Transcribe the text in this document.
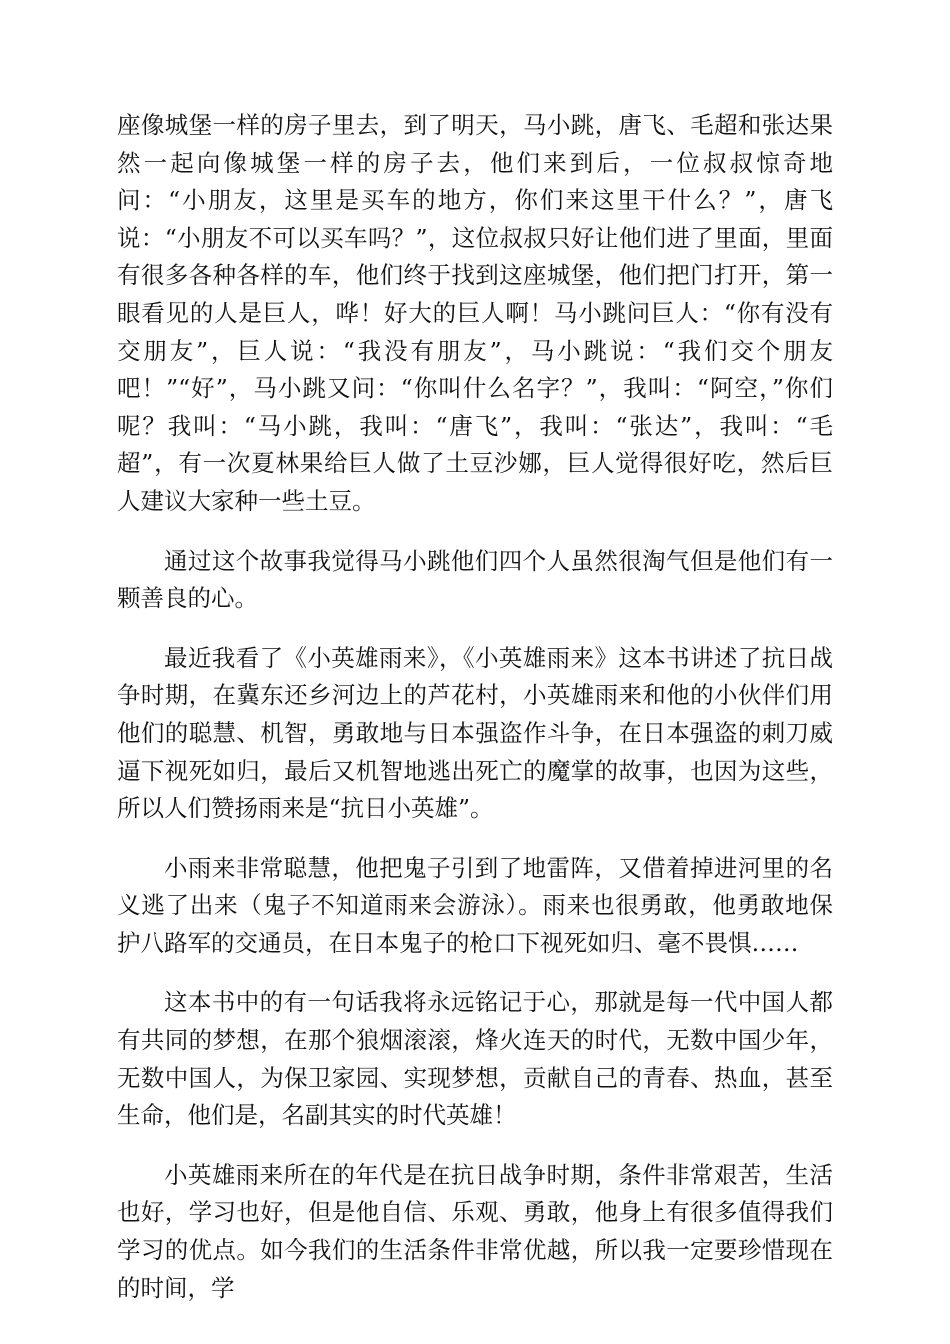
座像城堡一样的房子里去，到了明天，马小跳，唐飞、毛超和张达果然一起向像城堡一样的房子去，他们来到后，一位叔叔惊奇地问：“小朋友，这里是买车的地方，你们来这里干什么？”，唐飞说：“小朋友不可以买车吗？”，这位叔叔只好让他们进了里面，里面有很多各种各样的车，他们终于找到这座城堡，他们把门打开，第一眼看见的人是巨人，哗！好大的巨人啊！马小跳问巨人：“你有没有交朋友”，巨人说：“我没有朋友”，马小跳说：“我们交个朋友吧！”“好”，马小跳又问：“你叫什么名字？”，我叫：“阿空，”你们呢？我叫：“马小跳，我叫：“唐飞”，我叫：“张达”，我叫：“毛超”，有一次夏林果给巨人做了土豆沙娜，巨人觉得很好吃，然后巨人建议大家种一些土豆。

通过这个故事我觉得马小跳他们四个人虽然很淘气但是他们有一颗善良的心。

最近我看了《小英雄雨来》，《小英雄雨来》这本书讲述了抗日战争时期，在冀东还乡河边上的芦花村，小英雄雨来和他的小伙伴们用他们的聪慧、机智，勇敢地与日本强盗作斗争，在日本强盗的刺刀威逼下视死如归，最后又机智地逃出死亡的魔掌的故事，也因为这些，所以人们赞扬雨来是“抗日小英雄”。

小雨来非常聪慧，他把鬼子引到了地雷阵，又借着掉进河里的名义逃了出来（鬼子不知道雨来会游泳）。雨来也很勇敢，他勇敢地保护八路军的交通员，在日本鬼子的枪口下视死如归、毫不畏惧……

这本书中的有一句话我将永远铭记于心，那就是每一代中国人都有共同的梦想，在那个狼烟滚滚，烽火连天的时代，无数中国少年，无数中国人，为保卫家园、实现梦想，贡献自己的青春、热血，甚至生命，他们是，名副其实的时代英雄！

小英雄雨来所在的年代是在抗日战争时期，条件非常艰苦，生活也好，学习也好，但是他自信、乐观、勇敢，他身上有很多值得我们学习的优点。如今我们的生活条件非常优越，所以我一定要珍惜现在的时间，学
